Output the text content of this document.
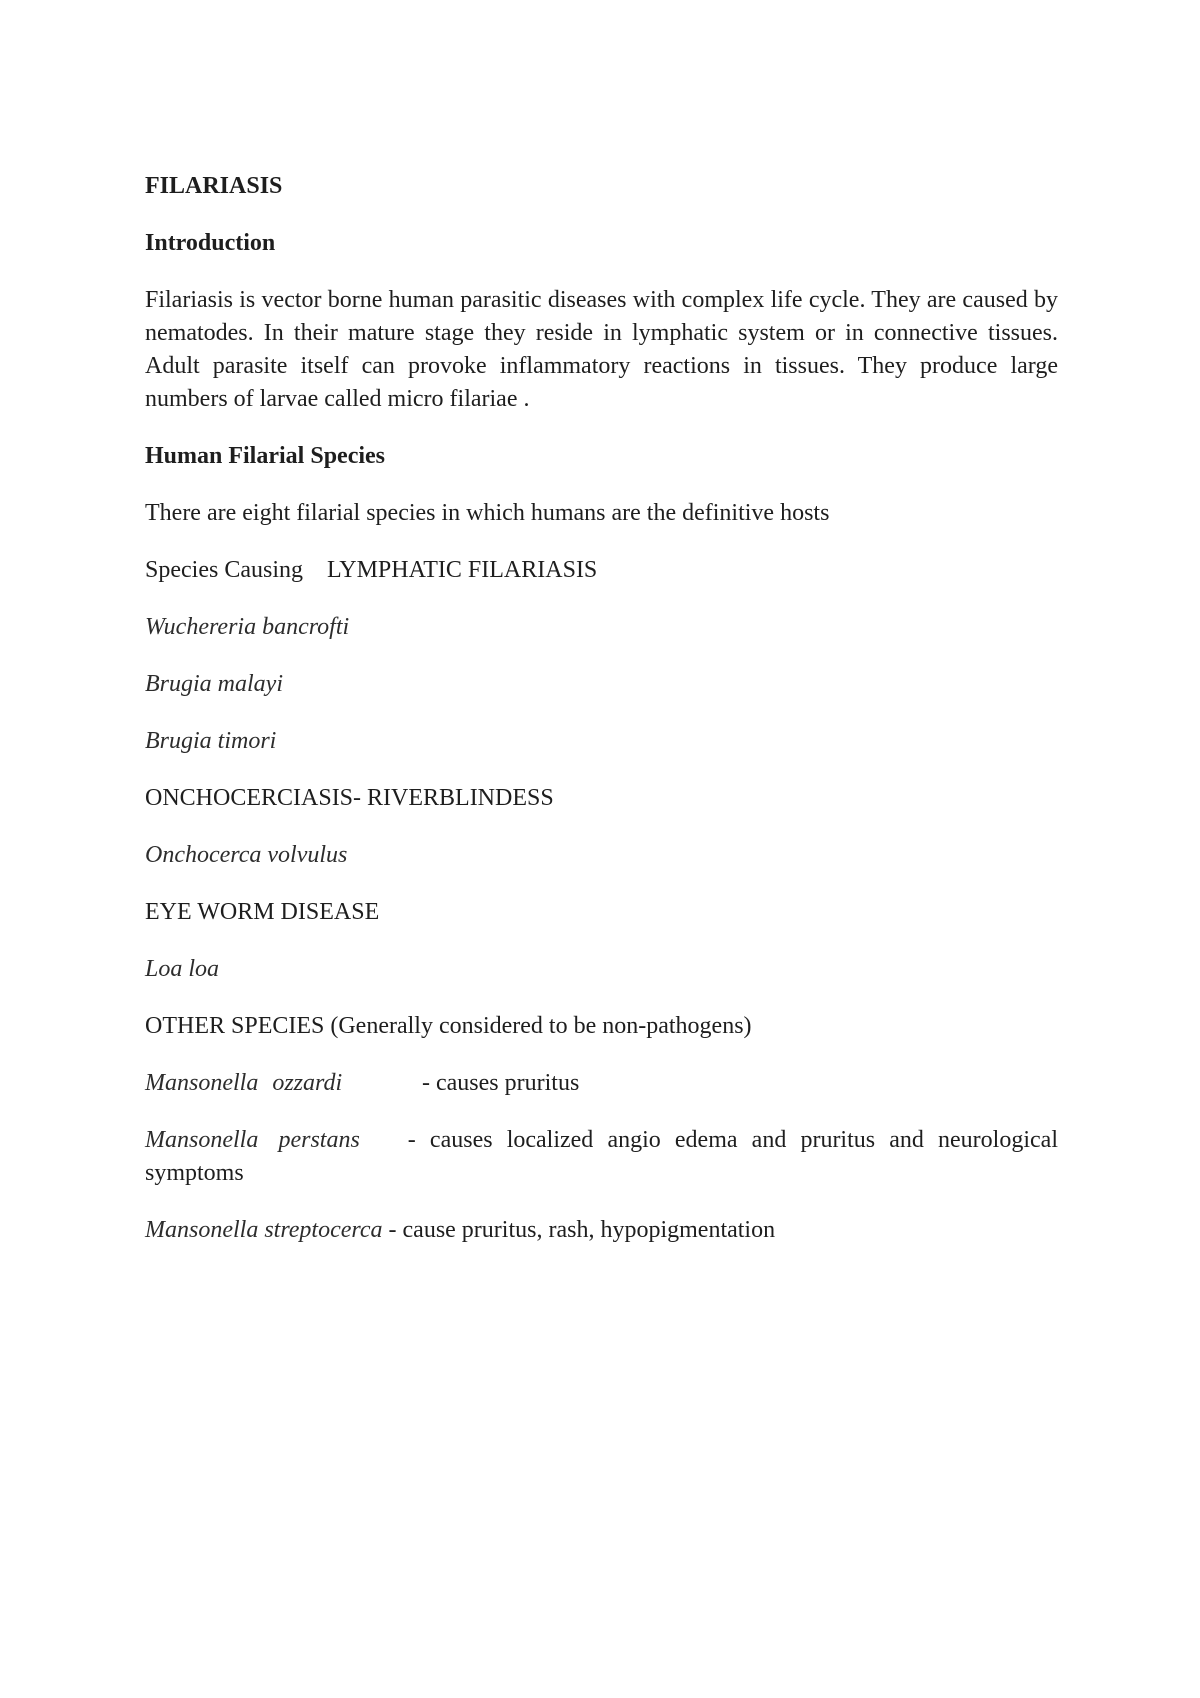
FILARIASIS
Introduction
Filariasis is vector borne human parasitic diseases with complex life cycle. They are caused by nematodes. In their mature stage they reside in lymphatic system or in connective tissues. Adult parasite itself can provoke inflammatory reactions in tissues. They produce large numbers of larvae called micro filariae .
Human Filarial Species
There are eight filarial species in which humans are the definitive hosts
Species Causing LYMPHATIC FILARIASIS
Wuchereria bancrofti
Brugia malayi
Brugia timori
ONCHOCERCIASIS- RIVERBLINDESS
Onchocerca volvulus
EYE WORM DISEASE
Loa loa
OTHER SPECIES (Generally considered to be non-pathogens)
Mansonella ozzardi	- causes pruritus
Mansonella perstans - causes localized angio edema and pruritus and neurological symptoms
Mansonella streptocerca - cause pruritus, rash, hypopigmentation
